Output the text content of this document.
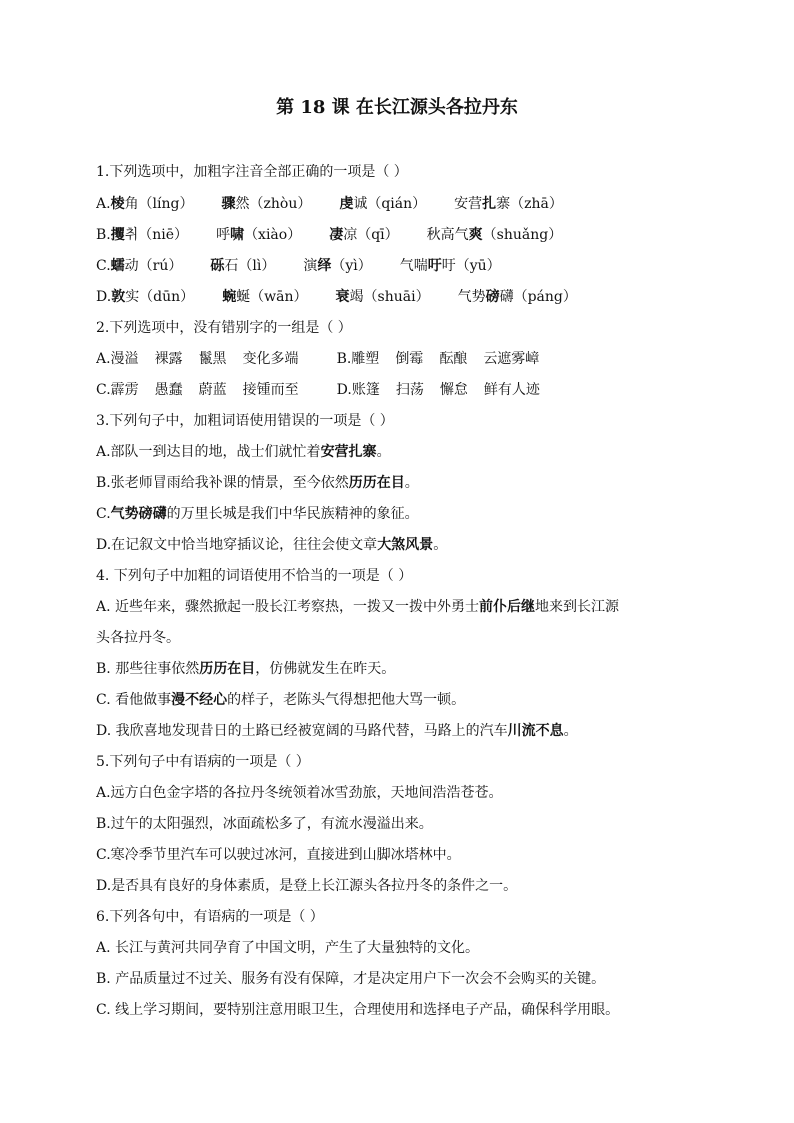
第 18 课 在长江源头各拉丹东
1.下列选项中，加粗字注音全部正确的一项是（ ）
A.棱角（líng） 骤然（zhòu） 虔诚（qián） 安营扎寨（zhā）
B.攫취（niē） 呼啸（xiào） 凄凉（qī） 秋高气爽（shuǎng）
C.蠕动（rú） 砾石（lì） 演绎（yì） 气喘吁吁（yū）
D.敦实（dūn） 蜿蜒（wān） 衰竭（shuāi） 气势磅礴（páng）
2.下列选项中，没有错别字的一组是（ ）
A.漫溢 裸露 鬣黑 变化多端	B.雕塑 倒霉 酝酿 云遮雾嶂
C.霹雳 愚蠢 蔚蓝 接锺而至	D.账篷 扫荡 懈怠 鲜有人迹
3.下列句子中，加粗词语使用错误的一项是（ ）
A.部队一到达目的地，战士们就忙着安营扎寨。
B.张老师冒雨给我补课的情景，至今依然历历在目。
C.气势磅礴的万里长城是我们中华民族精神的象征。
D.在记叙文中恰当地穿插议论，往往会使文章大煞风景。
4. 下列句子中加粗的词语使用不恰当的一项是（ ）
A. 近些年来，骤然掀起一股长江考察热，一拨又一拨中外勇士前仆后继地来到长江源
头各拉丹冬。
B. 那些往事依然历历在目，仿佛就发生在昨天。
C. 看他做事漫不经心的样子，老陈头气得想把他大骂一顿。
D. 我欣喜地发现昔日的土路已经被宽阔的马路代替，马路上的汽车川流不息。
5.下列句子中有语病的一项是（ ）
A.远方白色金字塔的各拉丹冬统领着冰雪劲旅，天地间浩浩苍苍。
B.过午的太阳强烈，冰面疏松多了，有流水漫溢出来。
C.寒冷季节里汽车可以驶过冰河，直接进到山脚冰塔林中。
D.是否具有良好的身体素质，是登上长江源头各拉丹冬的条件之一。
6.下列各句中，有语病的一项是（ ）
A. 长江与黄河共同孕育了中国文明，产生了大量独特的文化。
B. 产品质量过不过关、服务有没有保障，才是决定用户下一次会不会购买的关键。
C. 线上学习期间，要特别注意用眼卫生，合理使用和选择电子产品，确保科学用眼。
